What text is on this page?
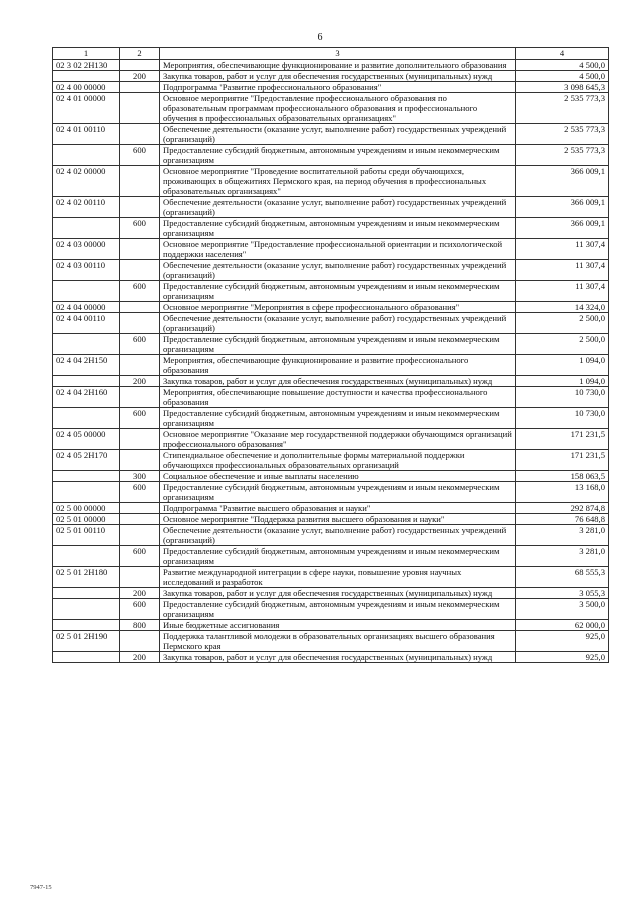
6
1	2	3	4
02 3 02 2Н130		Мероприятия, обеспечивающие функционирование и развитие дополнительного образования	4 500,0
	200	Закупка товаров, работ и услуг для обеспечения государственных (муниципальных) нужд	4 500,0
02 4 00 00000		Подпрограмма "Развитие профессионального образования"	3 098 645,3
02 4 01 00000		Основное мероприятие "Предоставление профессионального образования по образовательным программам профессионального образования и профессионального обучения в профессиональных образовательных организациях"	2 535 773,3
02 4 01 00110		Обеспечение деятельности (оказание услуг, выполнение работ) государственных учреждений (организаций)	2 535 773,3
	600	Предоставление субсидий бюджетным, автономным учреждениям и иным некоммерческим организациям	2 535 773,3
02 4 02 00000		Основное мероприятие "Проведение воспитательной работы среди обучающихся, проживающих в общежитиях Пермского края, на период обучения в профессиональных образовательных организациях"	366 009,1
02 4 02 00110		Обеспечение деятельности (оказание услуг, выполнение работ) государственных учреждений (организаций)	366 009,1
	600	Предоставление субсидий бюджетным, автономным учреждениям и иным некоммерческим организациям	366 009,1
02 4 03 00000		Основное мероприятие "Предоставление профессиональной ориентации и психологической поддержки населения"	11 307,4
02 4 03 00110		Обеспечение деятельности (оказание услуг, выполнение работ) государственных учреждений (организаций)	11 307,4
	600	Предоставление субсидий бюджетным, автономным учреждениям и иным некоммерческим организациям	11 307,4
02 4 04 00000		Основное мероприятие "Мероприятия в сфере профессионального образования"	14 324,0
02 4 04 00110		Обеспечение деятельности (оказание услуг, выполнение работ) государственных учреждений (организаций)	2 500,0
	600	Предоставление субсидий бюджетным, автономным учреждениям и иным некоммерческим организациям	2 500,0
02 4 04 2Н150		Мероприятия, обеспечивающие функционирование и развитие профессионального образования	1 094,0
	200	Закупка товаров, работ и услуг для обеспечения государственных (муниципальных) нужд	1 094,0
02 4 04 2Н160		Мероприятия, обеспечивающие повышение доступности и качества профессионального образования	10 730,0
	600	Предоставление субсидий бюджетным, автономным учреждениям и иным некоммерческим организациям	10 730,0
02 4 05 00000		Основное мероприятие "Оказание мер государственной поддержки обучающимся организаций профессионального образования"	171 231,5
02 4 05 2Н170		Стипендиальное обеспечение и дополнительные формы материальной поддержки обучающихся профессиональных образовательных организаций	171 231,5
	300	Социальное обеспечение и иные выплаты населению	158 063,5
	600	Предоставление субсидий бюджетным, автономным учреждениям и иным некоммерческим организациям	13 168,0
02 5 00 00000		Подпрограмма "Развитие высшего образования и науки"	292 874,8
02 5 01 00000		Основное мероприятие "Поддержка развития высшего образования и науки"	76 648,8
02 5 01 00110		Обеспечение деятельности (оказание услуг, выполнение работ) государственных учреждений (организаций)	3 281,0
	600	Предоставление субсидий бюджетным, автономным учреждениям и иным некоммерческим организациям	3 281,0
02 5 01 2Н180		Развитие международной интеграции в сфере науки, повышение уровня научных исследований и разработок	68 555,3
	200	Закупка товаров, работ и услуг для обеспечения государственных (муниципальных) нужд	3 055,3
	600	Предоставление субсидий бюджетным, автономным учреждениям и иным некоммерческим организациям	3 500,0
	800	Иные бюджетные ассигнования	62 000,0
02 5 01 2Н190		Поддержка талантливой молодежи в образовательных организациях высшего образования Пермского края	925,0
	200	Закупка товаров, работ и услуг для обеспечения государственных (муниципальных) нужд	925,0
7947-15
